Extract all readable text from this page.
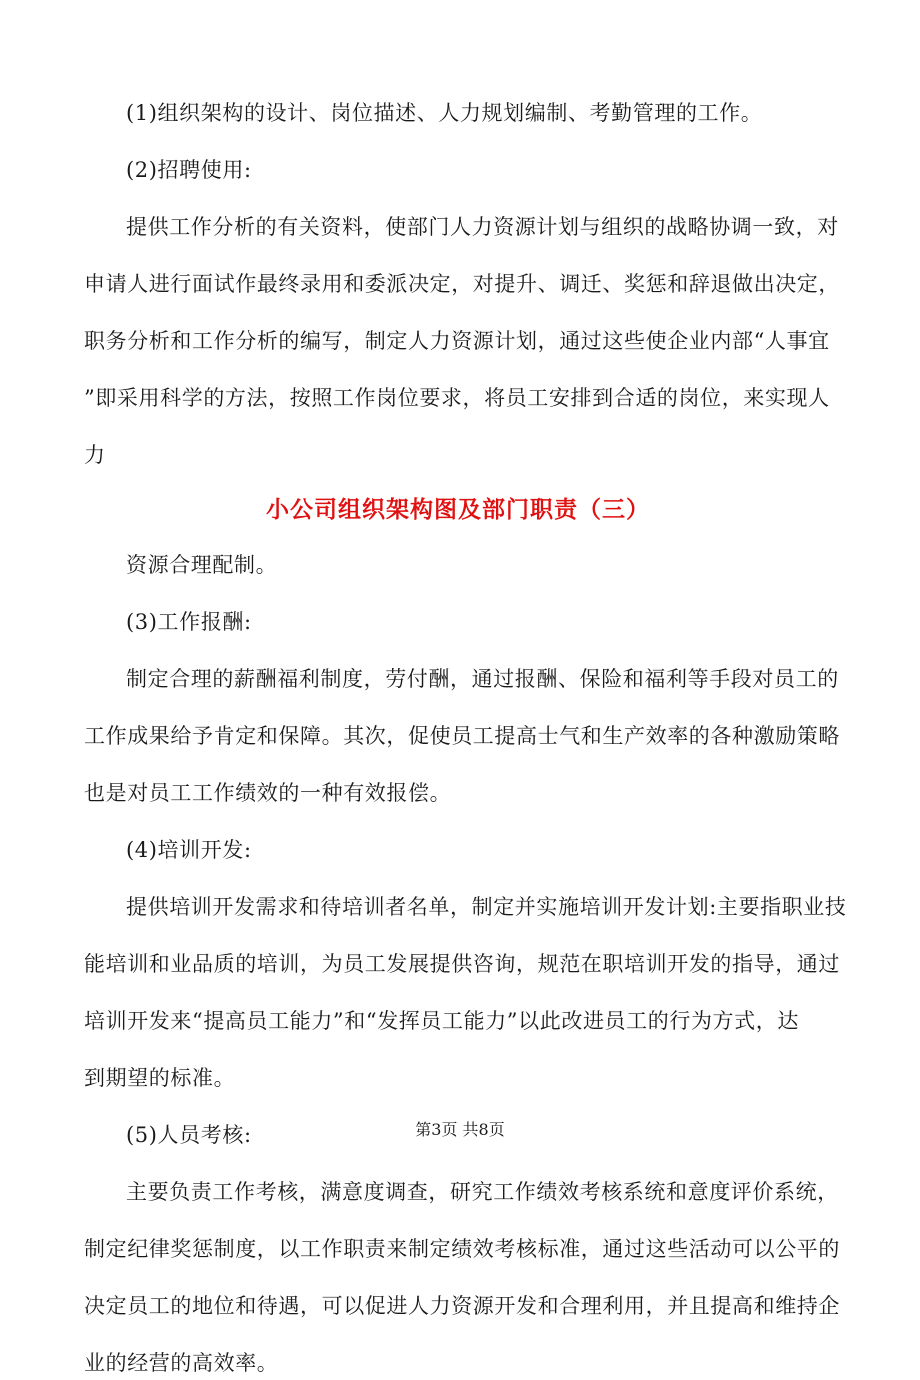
(1)组织架构的设计、岗位描述、人力规划编制、考勤管理的工作。
(2)招聘使用:
提供工作分析的有关资料，使部门人力资源计划与组织的战略协调一致，对
申请人进行面试作最终录用和委派决定，对提升、调迁、奖惩和辞退做出决定，
职务分析和工作分析的编写，制定人力资源计划，通过这些使企业内部“人事宜
”即采用科学的方法，按照工作岗位要求，将员工安排到合适的岗位，来实现人
力
小公司组织架构图及部门职责（三）
资源合理配制。
(3)工作报酬:
制定合理的薪酬福利制度，劳付酬，通过报酬、保险和福利等手段对员工的
工作成果给予肯定和保障。其次，促使员工提高士气和生产效率的各种激励策略
也是对员工工作绩效的一种有效报偿。
(4)培训开发:
提供培训开发需求和待培训者名单，制定并实施培训开发计划:主要指职业技
能培训和业品质的培训，为员工发展提供咨询，规范在职培训开发的指导，通过
培训开发来“提高员工能力”和“发挥员工能力”以此改进员工的行为方式，达
到期望的标准。
(5)人员考核:
主要负责工作考核，满意度调查，研究工作绩效考核系统和意度评价系统，
制定纪律奖惩制度，以工作职责来制定绩效考核标准，通过这些活动可以公平的
决定员工的地位和待遇，可以促进人力资源开发和合理利用，并且提高和维持企
业的经营的高效率。
第3页 共8页
